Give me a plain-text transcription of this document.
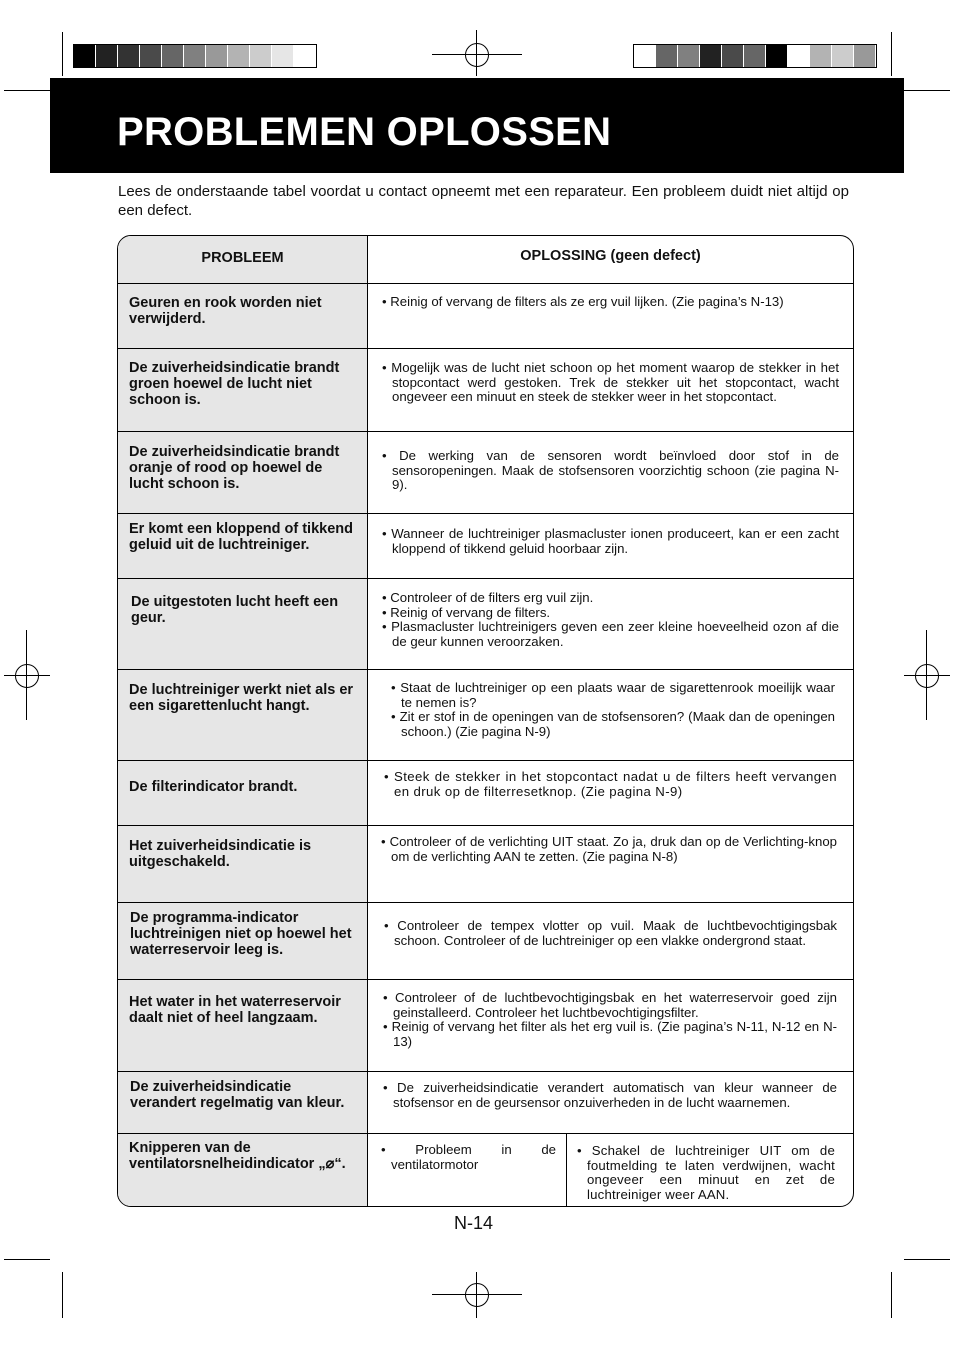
PROBLEMEN OPLOSSEN
Lees de onderstaande tabel voordat u contact opneemt met een reparateur. Een probleem duidt niet altijd op een defect.
PROBLEEM	OPLOSSING (geen defect)
Geuren en rook worden niet verwijderd.

• Reinig of vervang de filters als ze erg vuil lijken. (Zie pagina’s N-13)

De zuiverheidsindicatie brandt groen hoewel de lucht niet schoon is.

• Mogelijk was de lucht niet schoon op het moment waarop de stekker in het stopcontact werd gestoken. Trek de stekker uit het stopcontact, wacht ongeveer een minuut en steek de stekker weer in het stopcontact.

De zuiverheidsindicatie brandt oranje of rood op hoewel de lucht schoon is.

• De werking van de sensoren wordt beïnvloed door stof in de sensoropeningen. Maak de stofsensoren voorzichtig schoon (zie pagina N-9).

Er komt een kloppend of tikkend geluid uit de luchtreiniger.

• Wanneer de luchtreiniger plasmacluster ionen produceert, kan er een zacht kloppend of tikkend geluid hoorbaar zijn.

De uitgestoten lucht heeft een geur.

• Controleer of de filters erg vuil zijn.

• Reinig of vervang de filters.

• Plasmacluster luchtreinigers geven een zeer kleine hoeveelheid ozon af die de geur kunnen veroorzaken.

De luchtreiniger werkt niet als er een sigarettenlucht hangt.

• Staat de luchtreiniger op een plaats waar de sigarettenrook moeilijk waar te nemen is?

• Zit er stof in de openingen van de stofsensoren? (Maak dan de openingen schoon.) (Zie pagina N-9)

De filterindicator brandt.

• Steek de stekker in het stopcontact nadat u de filters heeft vervangen en druk op de filterresetknop. (Zie pagina N-9)

Het zuiverheidsindicatie is uitgeschakeld.

• Controleer of de verlichting UIT staat. Zo ja, druk dan op de Verlichting-knop om de verlichting AAN te zetten. (Zie pagina N-8)

De programma-indicator luchtreinigen niet op hoewel het waterreservoir leeg is.

• Controleer de tempex vlotter op vuil. Maak de luchtbevochtigingsbak schoon. Controleer of de luchtreiniger op een vlakke ondergrond staat.

Het water in het waterreservoir daalt niet of heel langzaam.

• Controleer of de luchtbevochtigingsbak en het waterreservoir goed zijn geinstalleerd. Controleer het luchtbevochtigingsfilter.

• Reinig of vervang het filter als het erg vuil is. (Zie pagina’s N-11, N-12 en N-13)

De zuiverheidsindicatie verandert regelmatig van kleur.

• De zuiverheidsindicatie verandert automatisch van kleur wanneer de stofsensor en de geursensor onzuiverheden in de lucht waarnemen.

Knipperen van de ventilatorsnelheidindicator „⌀“.

• Probleem in de ventilatormotor

• Schakel de luchtreiniger UIT om de foutmelding te laten verdwijnen, wacht ongeveer een minuut en zet de luchtreiniger weer AAN.

N-14
